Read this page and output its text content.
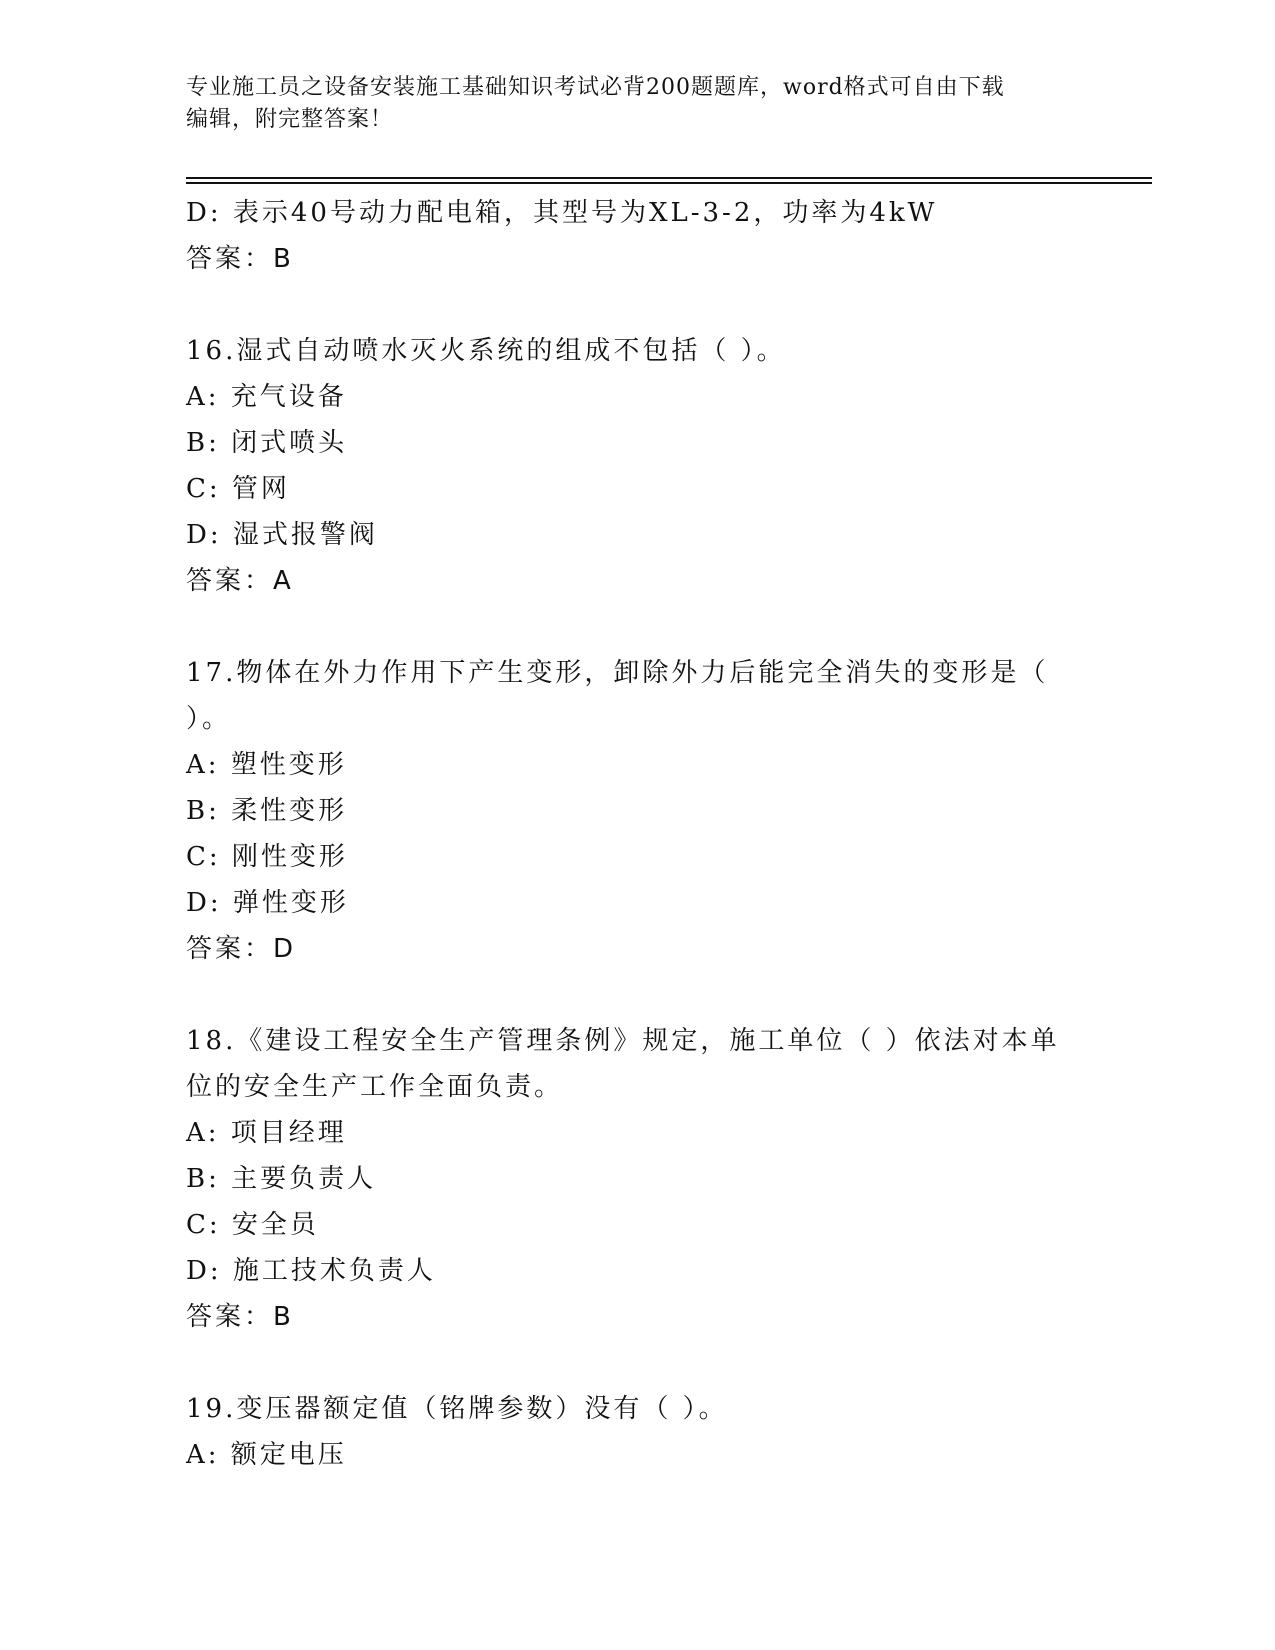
专业施工员之设备安装施工基础知识考试必背200题题库，word格式可自由下载
编辑，附完整答案！
D: 表示40号动力配电箱，其型号为XL-3-2，功率为4kW
答案：B
16.湿式自动喷水灭火系统的组成不包括（ ）。
A: 充气设备
B: 闭式喷头
C: 管网
D: 湿式报警阀
答案：A
17.物体在外力作用下产生变形，卸除外力后能完全消失的变形是（
）。
A: 塑性变形
B: 柔性变形
C: 刚性变形
D: 弹性变形
答案：D
18.《建设工程安全生产管理条例》规定，施工单位（ ）依法对本单
位的安全生产工作全面负责。
A: 项目经理
B: 主要负责人
C: 安全员
D: 施工技术负责人
答案：B
19.变压器额定值（铭牌参数）没有（ ）。
A: 额定电压
